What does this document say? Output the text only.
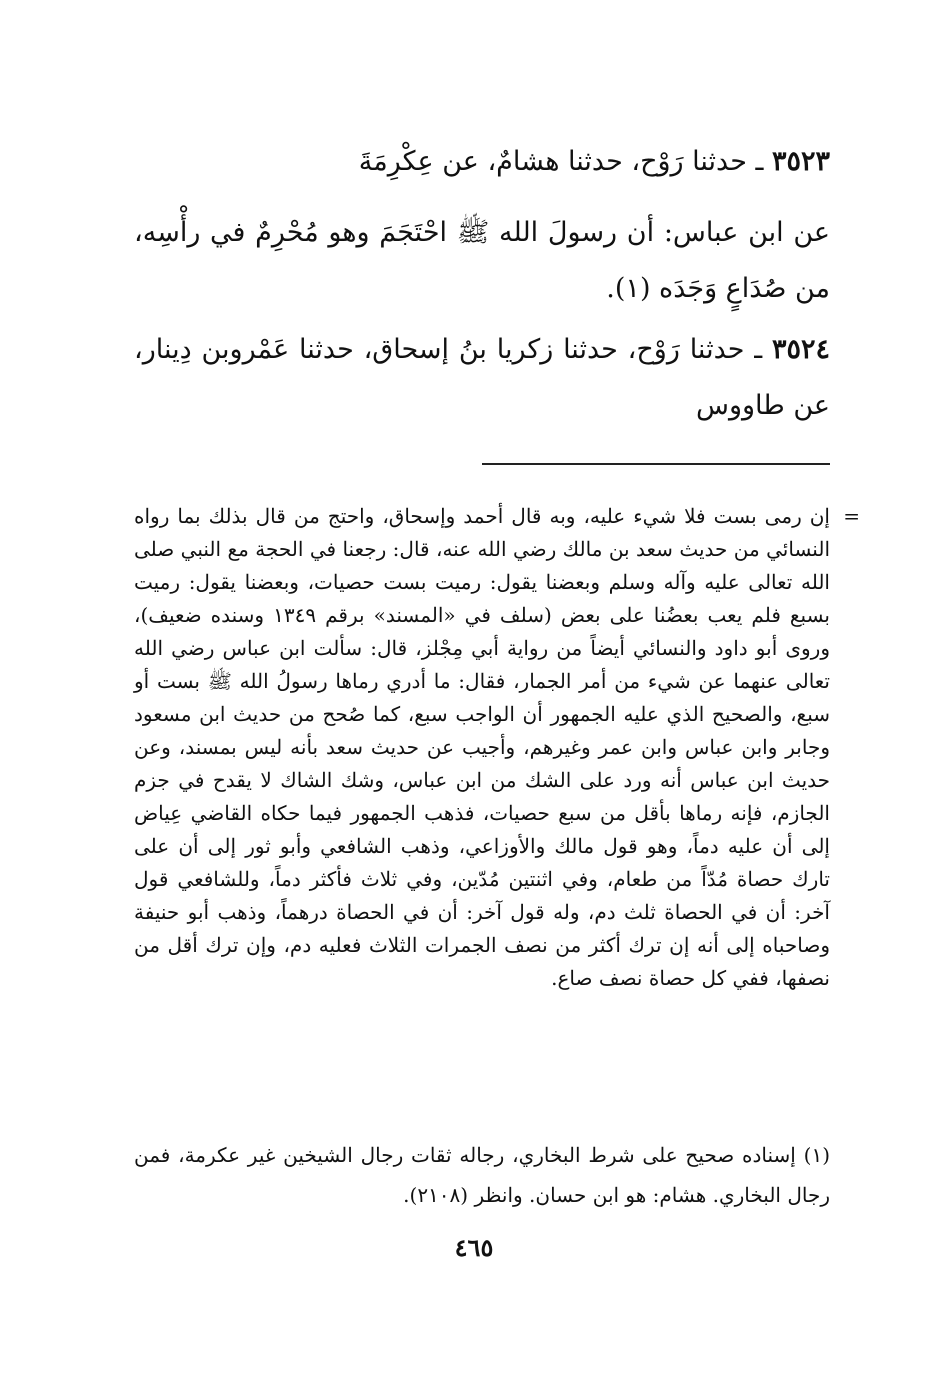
٣٥٢٣ ـ حدثنا رَوْح، حدثنا هشامٌ، عن عِكْرِمَةَ
عن ابن عباس: أن رسولَ الله ﷺ احْتَجَمَ وهو مُحْرِمٌ في رأْسِه، من صُدَاعٍ وَجَدَه (١).
٣٥٢٤ ـ حدثنا رَوْح، حدثنا زكريا بنُ إسحاق، حدثنا عَمْروبن دِينار، عن طاووس
=
إن رمى بست فلا شيء عليه، وبه قال أحمد وإسحاق، واحتج من قال بذلك بما رواه النسائي من حديث سعد بن مالك رضي الله عنه، قال: رجعنا في الحجة مع النبي صلى الله تعالى عليه وآله وسلم وبعضنا يقول: رميت بست حصيات، وبعضنا يقول: رميت بسبع فلم يعب بعضُنا على بعض (سلف في «المسند» برقم ١٣٤٩ وسنده ضعيف)، وروى أبو داود والنسائي أيضاً من رواية أبي مِجْلز، قال: سألت ابن عباس رضي الله تعالى عنهما عن شيء من أمر الجمار، فقال: ما أدري رماها رسولُ الله ﷺ بست أو سبع، والصحيح الذي عليه الجمهور أن الواجب سبع، كما صُحح من حديث ابن مسعود وجابر وابن عباس وابن عمر وغيرهم، وأجيب عن حديث سعد بأنه ليس بمسند، وعن حديث ابن عباس أنه ورد على الشك من ابن عباس، وشك الشاك لا يقدح في جزم الجازم، فإنه رماها بأقل من سبع حصيات، فذهب الجمهور فيما حكاه القاضي عِياض إلى أن عليه دماً، وهو قول مالك والأوزاعي، وذهب الشافعي وأبو ثور إلى أن على تارك حصاة مُدّاً من طعام، وفي اثنتين مُدّين، وفي ثلاث فأكثر دماً، وللشافعي قول آخر: أن في الحصاة ثلث دم، وله قول آخر: أن في الحصاة درهماً، وذهب أبو حنيفة وصاحباه إلى أنه إن ترك أكثر من نصف الجمرات الثلاث فعليه دم، وإن ترك أقل من نصفها، ففي كل حصاة نصف صاع.
(١) إسناده صحيح على شرط البخاري، رجاله ثقات رجال الشيخين غير عكرمة، فمن رجال البخاري. هشام: هو ابن حسان. وانظر (٢١٠٨).
٤٦٥
